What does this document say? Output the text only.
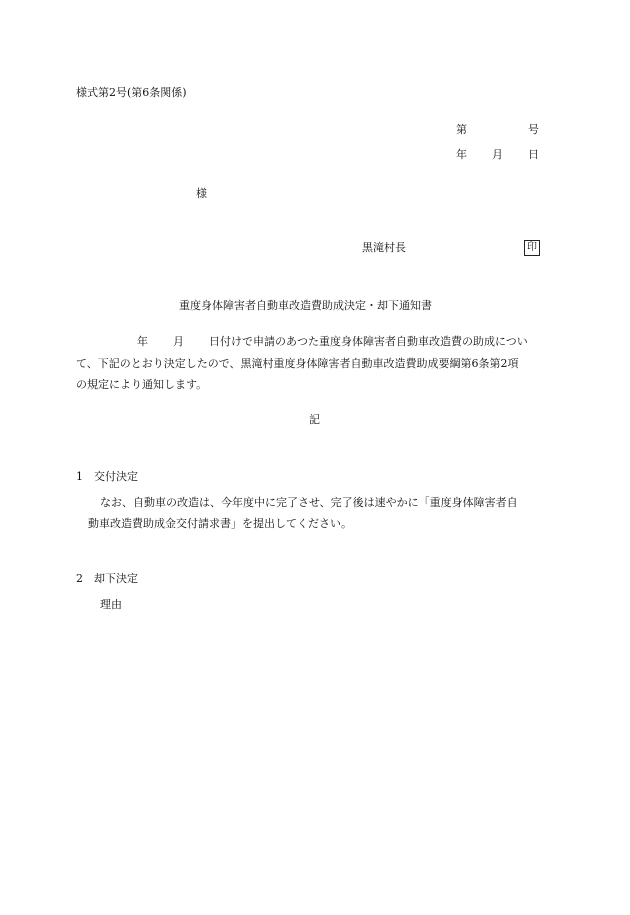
様式第2号(第6条関係)
第	号
年 月 日
様
黒滝村長	印
重度身体障害者自動車改造費助成決定・却下通知書
年 月 日付けで申請のあつた重度身体障害者自動車改造費の助成につい
て、下記のとおり決定したので、黒滝村重度身体障害者自動車改造費助成要綱第6条第2項
の規定により通知します。
記
1　交付決定
なお、自動車の改造は、今年度中に完了させ、完了後は速やかに「重度身体障害者自
動車改造費助成金交付請求書」を提出してください。
2　却下決定
理由
